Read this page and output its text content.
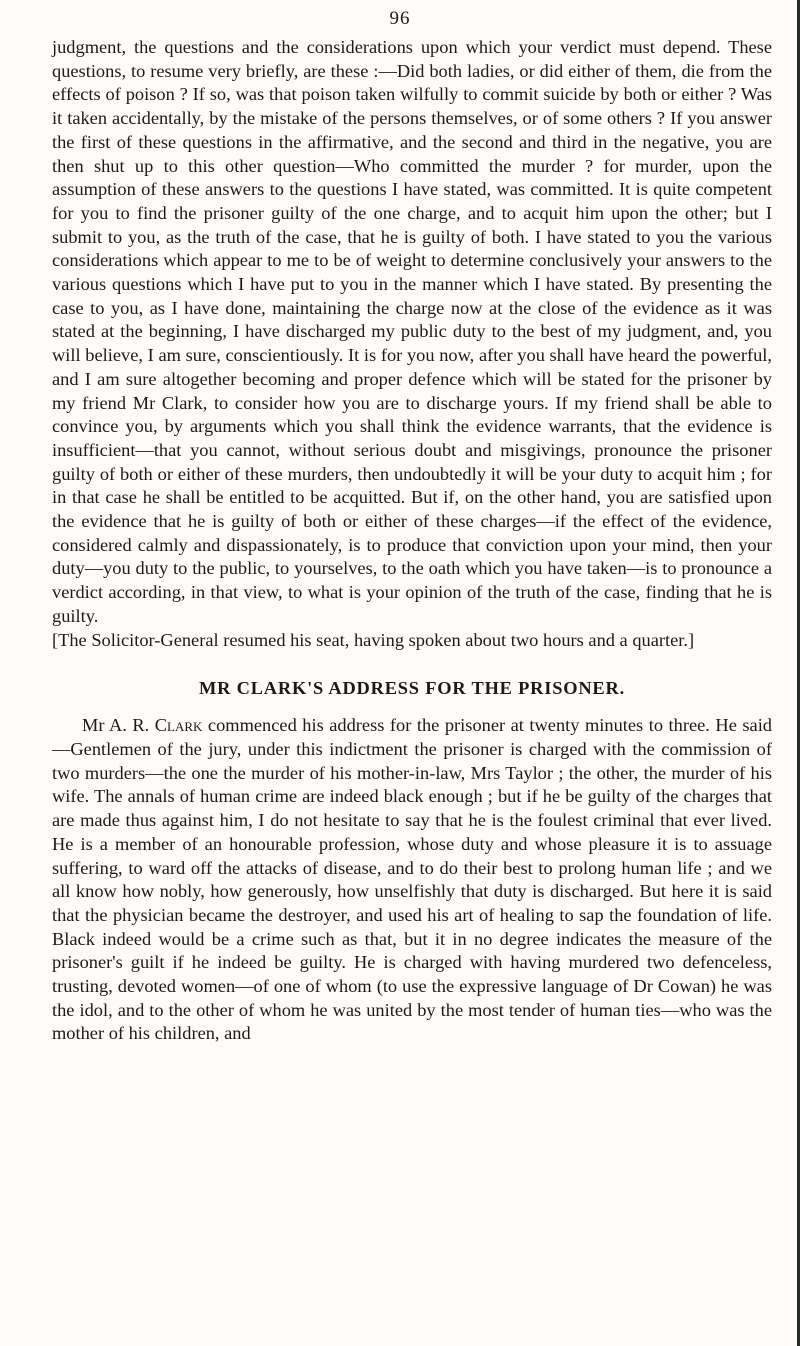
96

judgment, the questions and the considerations upon which your verdict must depend. These questions, to resume very briefly, are these :—Did both ladies, or did either of them, die from the effects of poison ? If so, was that poison taken wilfully to commit suicide by both or either ? Was it taken accidentally, by the mistake of the persons themselves, or of some others ? If you answer the first of these questions in the affirmative, and the second and third in the negative, you are then shut up to this other question—Who committed the murder ? for murder, upon the assumption of these answers to the questions I have stated, was committed. It is quite competent for you to find the prisoner guilty of the one charge, and to acquit him upon the other; but I submit to you, as the truth of the case, that he is guilty of both. I have stated to you the various considerations which appear to me to be of weight to determine conclusively your answers to the various questions which I have put to you in the manner which I have stated. By presenting the case to you, as I have done, maintaining the charge now at the close of the evidence as it was stated at the beginning, I have discharged my public duty to the best of my judgment, and, you will believe, I am sure, conscientiously. It is for you now, after you shall have heard the powerful, and I am sure altogether becoming and proper defence which will be stated for the prisoner by my friend Mr Clark, to consider how you are to discharge yours. If my friend shall be able to convince you, by arguments which you shall think the evidence warrants, that the evidence is insufficient—that you cannot, without serious doubt and misgivings, pronounce the prisoner guilty of both or either of these murders, then undoubtedly it will be your duty to acquit him ; for in that case he shall be entitled to be acquitted. But if, on the other hand, you are satisfied upon the evidence that he is guilty of both or either of these charges—if the effect of the evidence, considered calmly and dispassionately, is to produce that conviction upon your mind, then your duty—you duty to the public, to yourselves, to the oath which you have taken—is to pronounce a verdict according, in that view, to what is your opinion of the truth of the case, finding that he is guilty.

[The Solicitor-General resumed his seat, having spoken about two hours and a quarter.]

MR CLARK'S ADDRESS FOR THE PRISONER.

Mr A. R. Clark commenced his address for the prisoner at twenty minutes to three. He said—Gentlemen of the jury, under this indictment the prisoner is charged with the commission of two murders—the one the murder of his mother-in-law, Mrs Taylor ; the other, the murder of his wife. The annals of human crime are indeed black enough ; but if he be guilty of the charges that are made thus against him, I do not hesitate to say that he is the foulest criminal that ever lived. He is a member of an honourable profession, whose duty and whose pleasure it is to assuage suffering, to ward off the attacks of disease, and to do their best to prolong human life ; and we all know how nobly, how generously, how unselfishly that duty is discharged. But here it is said that the physician became the destroyer, and used his art of healing to sap the foundation of life. Black indeed would be a crime such as that, but it in no degree indicates the measure of the prisoner's guilt if he indeed be guilty. He is charged with having murdered two defenceless, trusting, devoted women—of one of whom (to use the expressive language of Dr Cowan) he was the idol, and to the other of whom he was united by the most tender of human ties—who was the mother of his children, and
